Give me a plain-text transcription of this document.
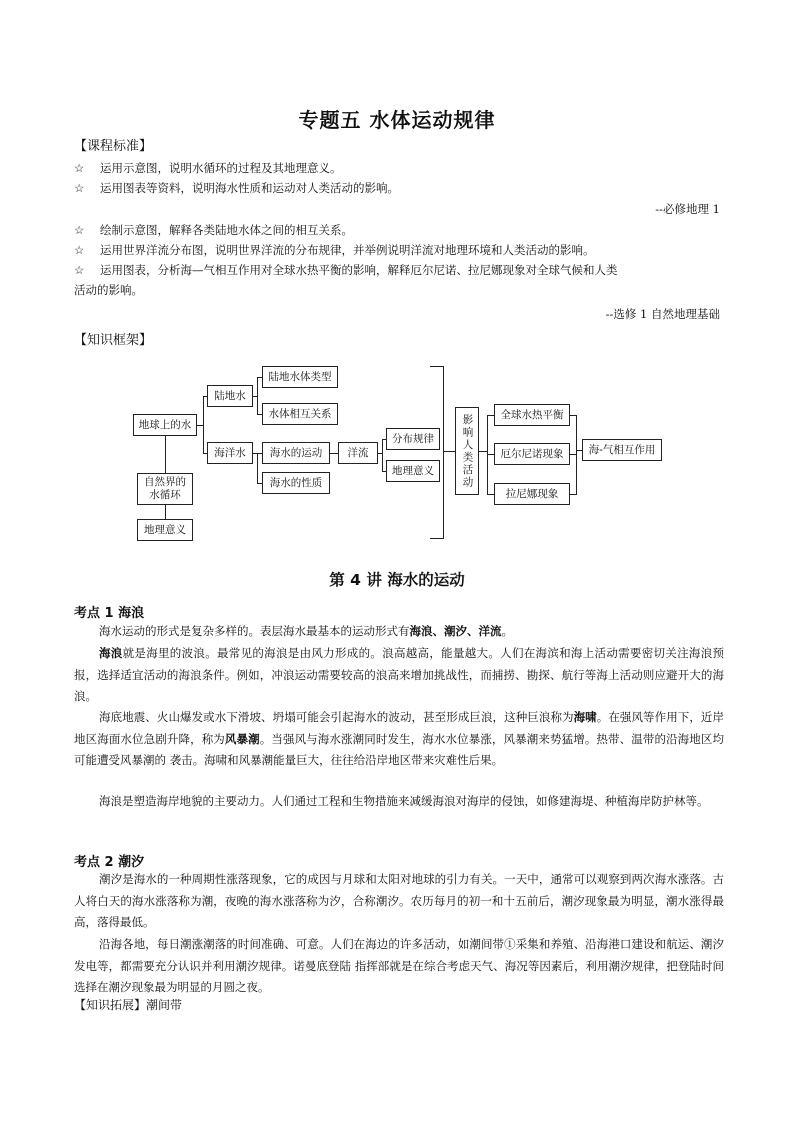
专题五 水体运动规律
【课程标准】
☆ 运用示意图，说明水循环的过程及其地理意义。
☆ 运用图表等资料，说明海水性质和运动对人类活动的影响。
--必修地理 1
☆ 绘制示意图，解释各类陆地水体之间的相互关系。
☆ 运用世界洋流分布图，说明世界洋流的分布规律，并举例说明洋流对地理环境和人类活动的影响。
☆ 运用图表，分析海—气相互作用对全球水热平衡的影响，解释厄尔尼诺、拉尼娜现象对全球气候和人类
活动的影响。
--选修 1 自然地理基础
【知识框架】
地球上的水
陆地水
陆地水体类型
水体相互关系
海洋水	海水的运动
海水的性质
洋流
分布规律
地理意义
自然界的
水循环
地理意义
影响人类活动	全球水热平衡
厄尔尼诺现象
拉尼娜现象
海-气相互作用
第 4 讲 海水的运动
考点 1 海浪
海水运动的形式是复杂多样的。表层海水最基本的运动形式有海浪、潮汐、洋流。
海浪就是海里的波浪。最常见的海浪是由风力形成的。浪高越高，能量越大。人们在海滨和海上活动需要密切关注海浪预报，选择适宜活动的海浪条件。例如，冲浪运动需要较高的浪高来增加挑战性，而捕捞、勘探、航行等海上活动则应避开大的海浪。
海底地震、火山爆发或水下滑坡、坍塌可能会引起海水的波动，甚至形成巨浪，这种巨浪称为海啸。在强风等作用下，近岸地区海面水位急剧升降，称为风暴潮。当强风与海水涨潮同时发生，海水水位暴涨，风暴潮来势猛增。热带、温带的沿海地区均可能遭受风暴潮的 袭击。海啸和风暴潮能量巨大，往往给沿岸地区带来灾难性后果。
海浪是塑造海岸地貌的主要动力。人们通过工程和生物措施来减缓海浪对海岸的侵蚀，如修建海堤、种植海岸防护林等。
考点 2 潮汐
潮汐是海水的一种周期性涨落现象，它的成因与月球和太阳对地球的引力有关。一天中，通常可以观察到两次海水涨落。古人将白天的海水涨落称为潮，夜晚的海水涨落称为汐，合称潮汐。农历每月的初一和十五前后，潮汐现象最为明显，潮水涨得最高，落得最低。
沿海各地，每日潮涨潮落的时间准确、可意。人们在海边的许多活动，如潮间带①采集和养殖、沿海港口建设和航运、潮汐发电等，都需要充分认识并利用潮汐规律。诺曼底登陆 指挥部就是在综合考虑天气、海况等因素后，利用潮汐规律，把登陆时间选择在潮汐现象最为明显的月圆之夜。
【知识拓展】潮间带
